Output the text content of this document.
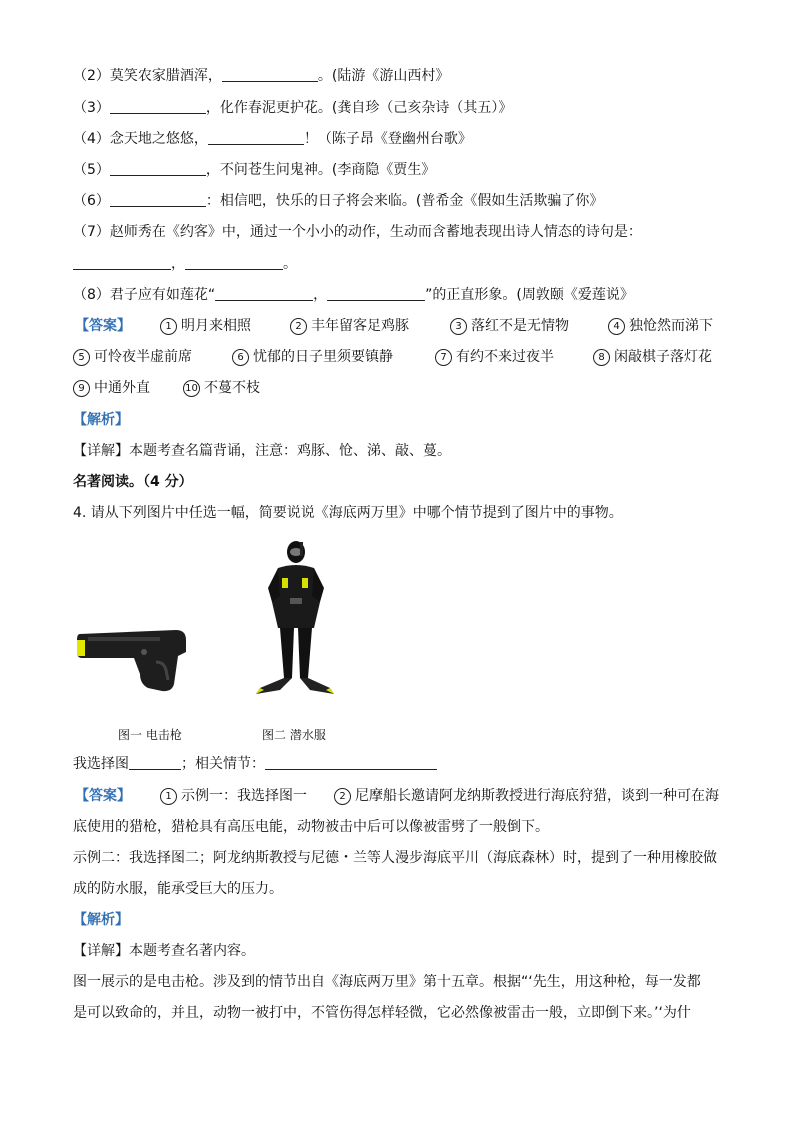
（2）莫笑农家腊酒浑，	。(陆游《游山西村》
（3）	，化作春泥更护花。(龚自珍（己亥杂诗（其五）》
（4）念天地之悠悠，	！（陈子昂《登幽州台歌》
（5）	，不问苍生问鬼神。(李商隐《贾生》
（6）	：相信吧，快乐的日子将会来临。(普希金《假如生活欺骗了你》
（7）赵师秀在《约客》中，通过一个小小的动作，生动而含蓄地表现出诗人情态的诗句是：
，	。
（8）君子应有如莲花“	，	”的正直形象。(周敦颐《爱莲说》
【答案】	1 明月来相照	2 丰年留客足鸡豚	3 落红不是无情物	4 独怆然而涕下
5 可怜夜半虚前席	6 忧郁的日子里须要镇静	7 有约不来过夜半	8 闲敲棋子落灯花
9 中通外直	10 不蔓不枝
【解析】
【详解】本题考查名篇背诵，注意：鸡豚、怆、涕、敲、蔓。
名著阅读。（4 分）
4. 请从下列图片中任选一幅，简要说说《海底两万里》中哪个情节提到了图片中的事物。
图一 电击枪	图二 潜水服
我选择图	；相关情节：
【答案】	1 示例一：我选择图一	2 尼摩船长邀请阿龙纳斯教授进行海底狩猎，谈到一种可在海
底使用的猎枪，猎枪具有高压电能，动物被击中后可以像被雷劈了一般倒下。
示例二：我选择图二；阿龙纳斯教授与尼德・兰等人漫步海底平川（海底森林）时，提到了一种用橡胶做
成的防水服，能承受巨大的压力。
【解析】
【详解】本题考查名著内容。
图一展示的是电击枪。涉及到的情节出自《海底两万里》第十五章。根据“‘先生，用这种枪，每一发都
是可以致命的，并且，动物一被打中，不管伤得怎样轻微，它必然像被雷击一般，立即倒下来。’‘为什
